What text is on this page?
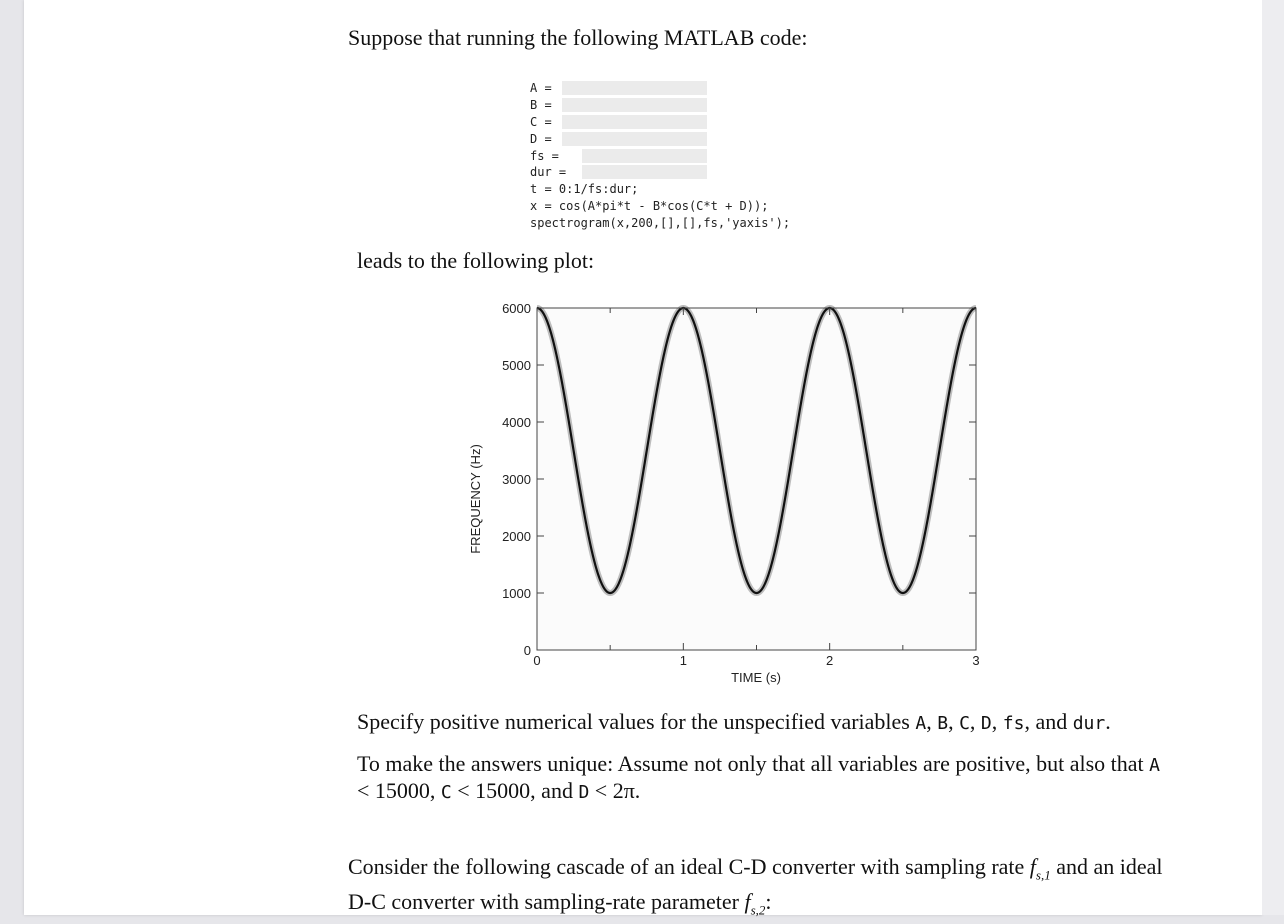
Suppose that running the following MATLAB code:
A =
B =
C =
D =
fs =
dur =
t = 0:1/fs:dur;
x = cos(A*pi*t - B*cos(C*t + D));
spectrogram(x,200,[],[],fs,'yaxis');
leads to the following plot:
0
1000
2000
3000
4000
5000
6000
0	1	2	3
FREQUENCY (Hz)
TIME (s)
Specify positive numerical values for the unspecified variables A, B, C, D, fs, and dur.
To make the answers unique: Assume not only that all variables are positive, but also that A < 15000, C < 15000, and D < 2π.

Consider the following cascade of an ideal C-D converter with sampling rate $f_{s,1}$ and an ideal D-C converter with sampling-rate parameter $f_{s,2}$:
